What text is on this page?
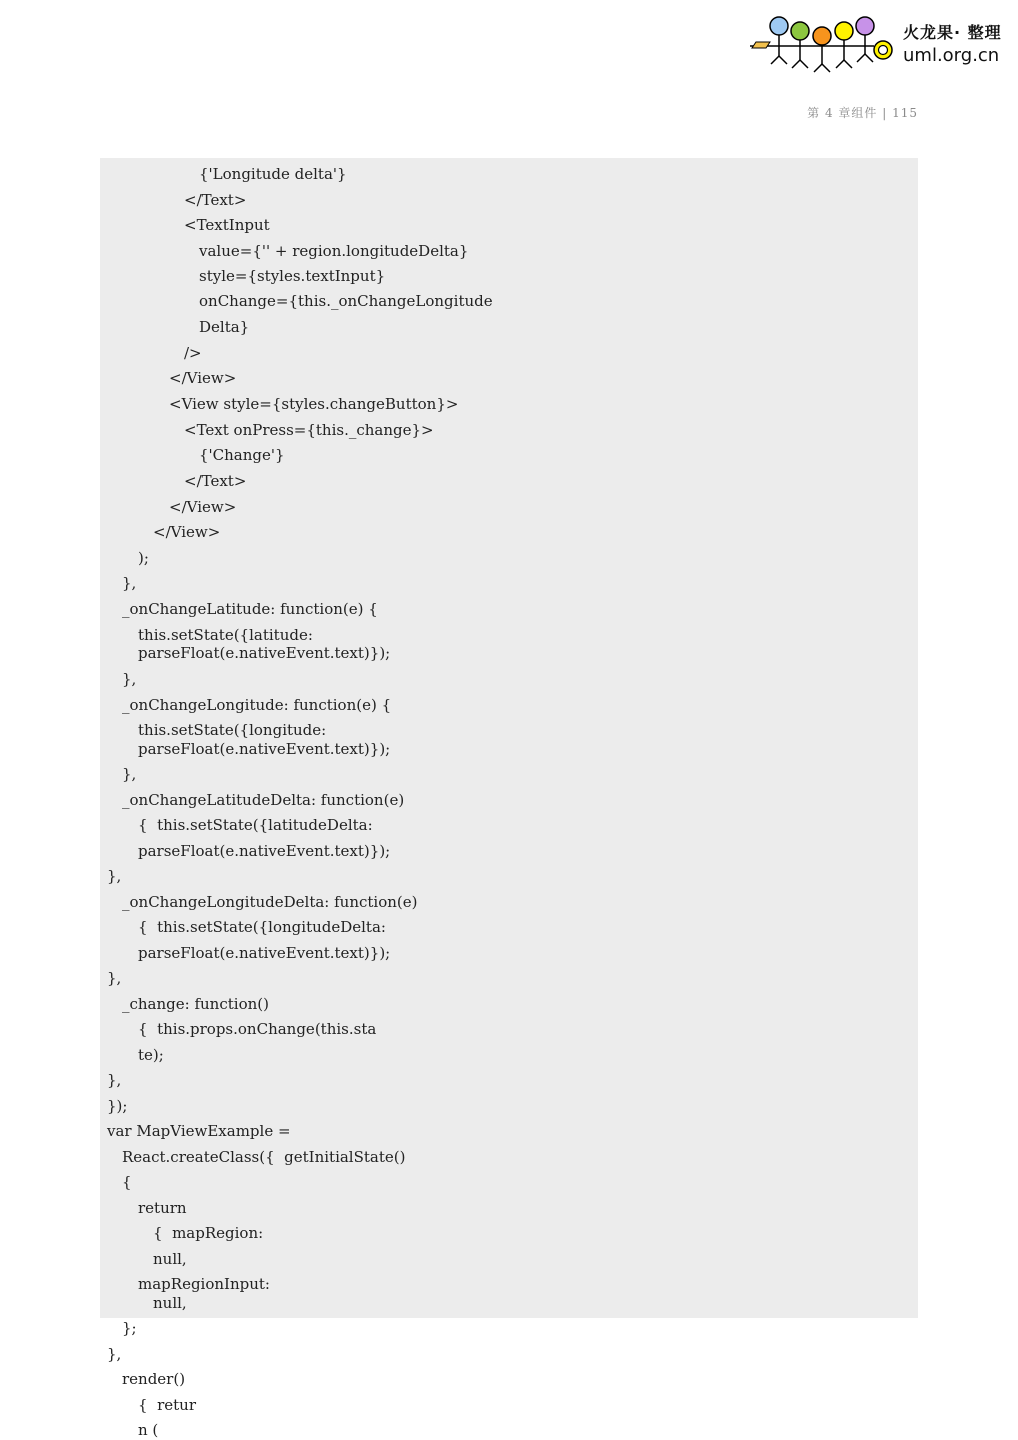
火龙果· 整理
uml.org.cn
第 4 章组件 | 115
{'Longitude delta'}
</Text>
<TextInput
value={'' + region.longitudeDelta}
style={styles.textInput}
onChange={this._onChangeLongitude
Delta}
/>
</View>
<View style={styles.changeButton}>
<Text onPress={this._change}>
{'Change'}
</Text>
</View>
</View>
);
},
_onChangeLatitude: function(e) {
this.setState({latitude:
parseFloat(e.nativeEvent.text)});
},
_onChangeLongitude: function(e) {
this.setState({longitude:
parseFloat(e.nativeEvent.text)});
},
_onChangeLatitudeDelta: function(e)
{  this.setState({latitudeDelta:
parseFloat(e.nativeEvent.text)});
},
_onChangeLongitudeDelta: function(e)
{  this.setState({longitudeDelta:
parseFloat(e.nativeEvent.text)});
},
_change: function()
{  this.props.onChange(this.sta
te);
},
});
var MapViewExample =
React.createClass({  getInitialState()
{
return
{  mapRegion:
null,
mapRegionInput:
null,
};
},
render()
{  retur
n (
